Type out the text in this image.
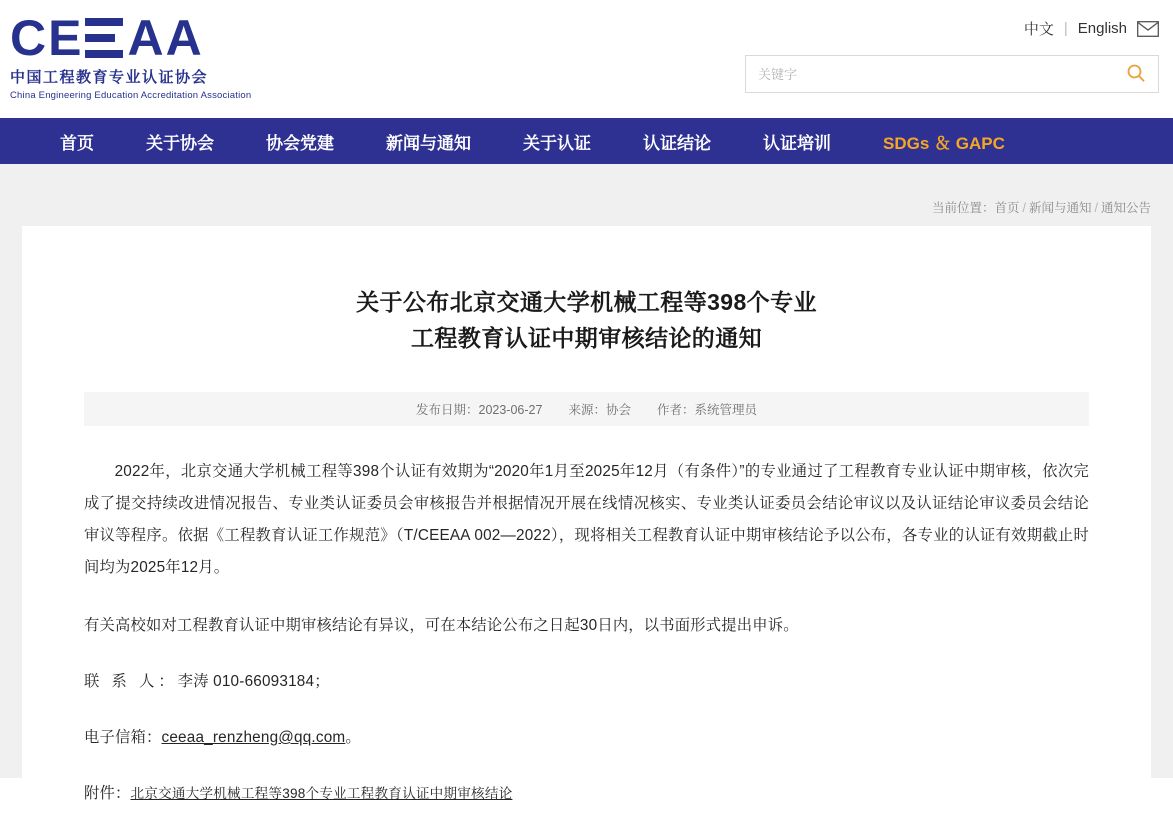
C E AA
中国工程教育专业认证协会
China Engineering Education Accreditation Association
中文 | English
关键字
首页	关于协会	协会党建	新闻与通知	关于认证	认证结论	认证培训	SDGs ＆ GAPC
当前位置：首页 / 新闻与通知 / 通知公告
关于公布北京交通大学机械工程等398个专业
工程教育认证中期审核结论的通知
发布日期：2023-06-27 来源：协会 作者：系统管理员

2022年，北京交通大学机械工程等398个认证有效期为“2020年1月至2025年12月（有条件）”的专业通过了工程教育专业认证中期审核，依次完成了提交持续改进情况报告、专业类认证委员会审核报告并根据情况开展在线情况核实、专业类认证委员会结论审议以及认证结论审议委员会结论审议等程序。依据《工程教育认证工作规范》（T/CEEAA 002—2022），现将相关工程教育认证中期审核结论予以公布，各专业的认证有效期截止时间均为2025年12月。

有关高校如对工程教育认证中期审核结论有异议，可在本结论公布之日起30日内，以书面形式提出申诉。

联 系 人：李涛 010-66093184；

电子信箱：ceeaa_renzheng@qq.com。

附件：北京交通大学机械工程等398个专业工程教育认证中期审核结论
